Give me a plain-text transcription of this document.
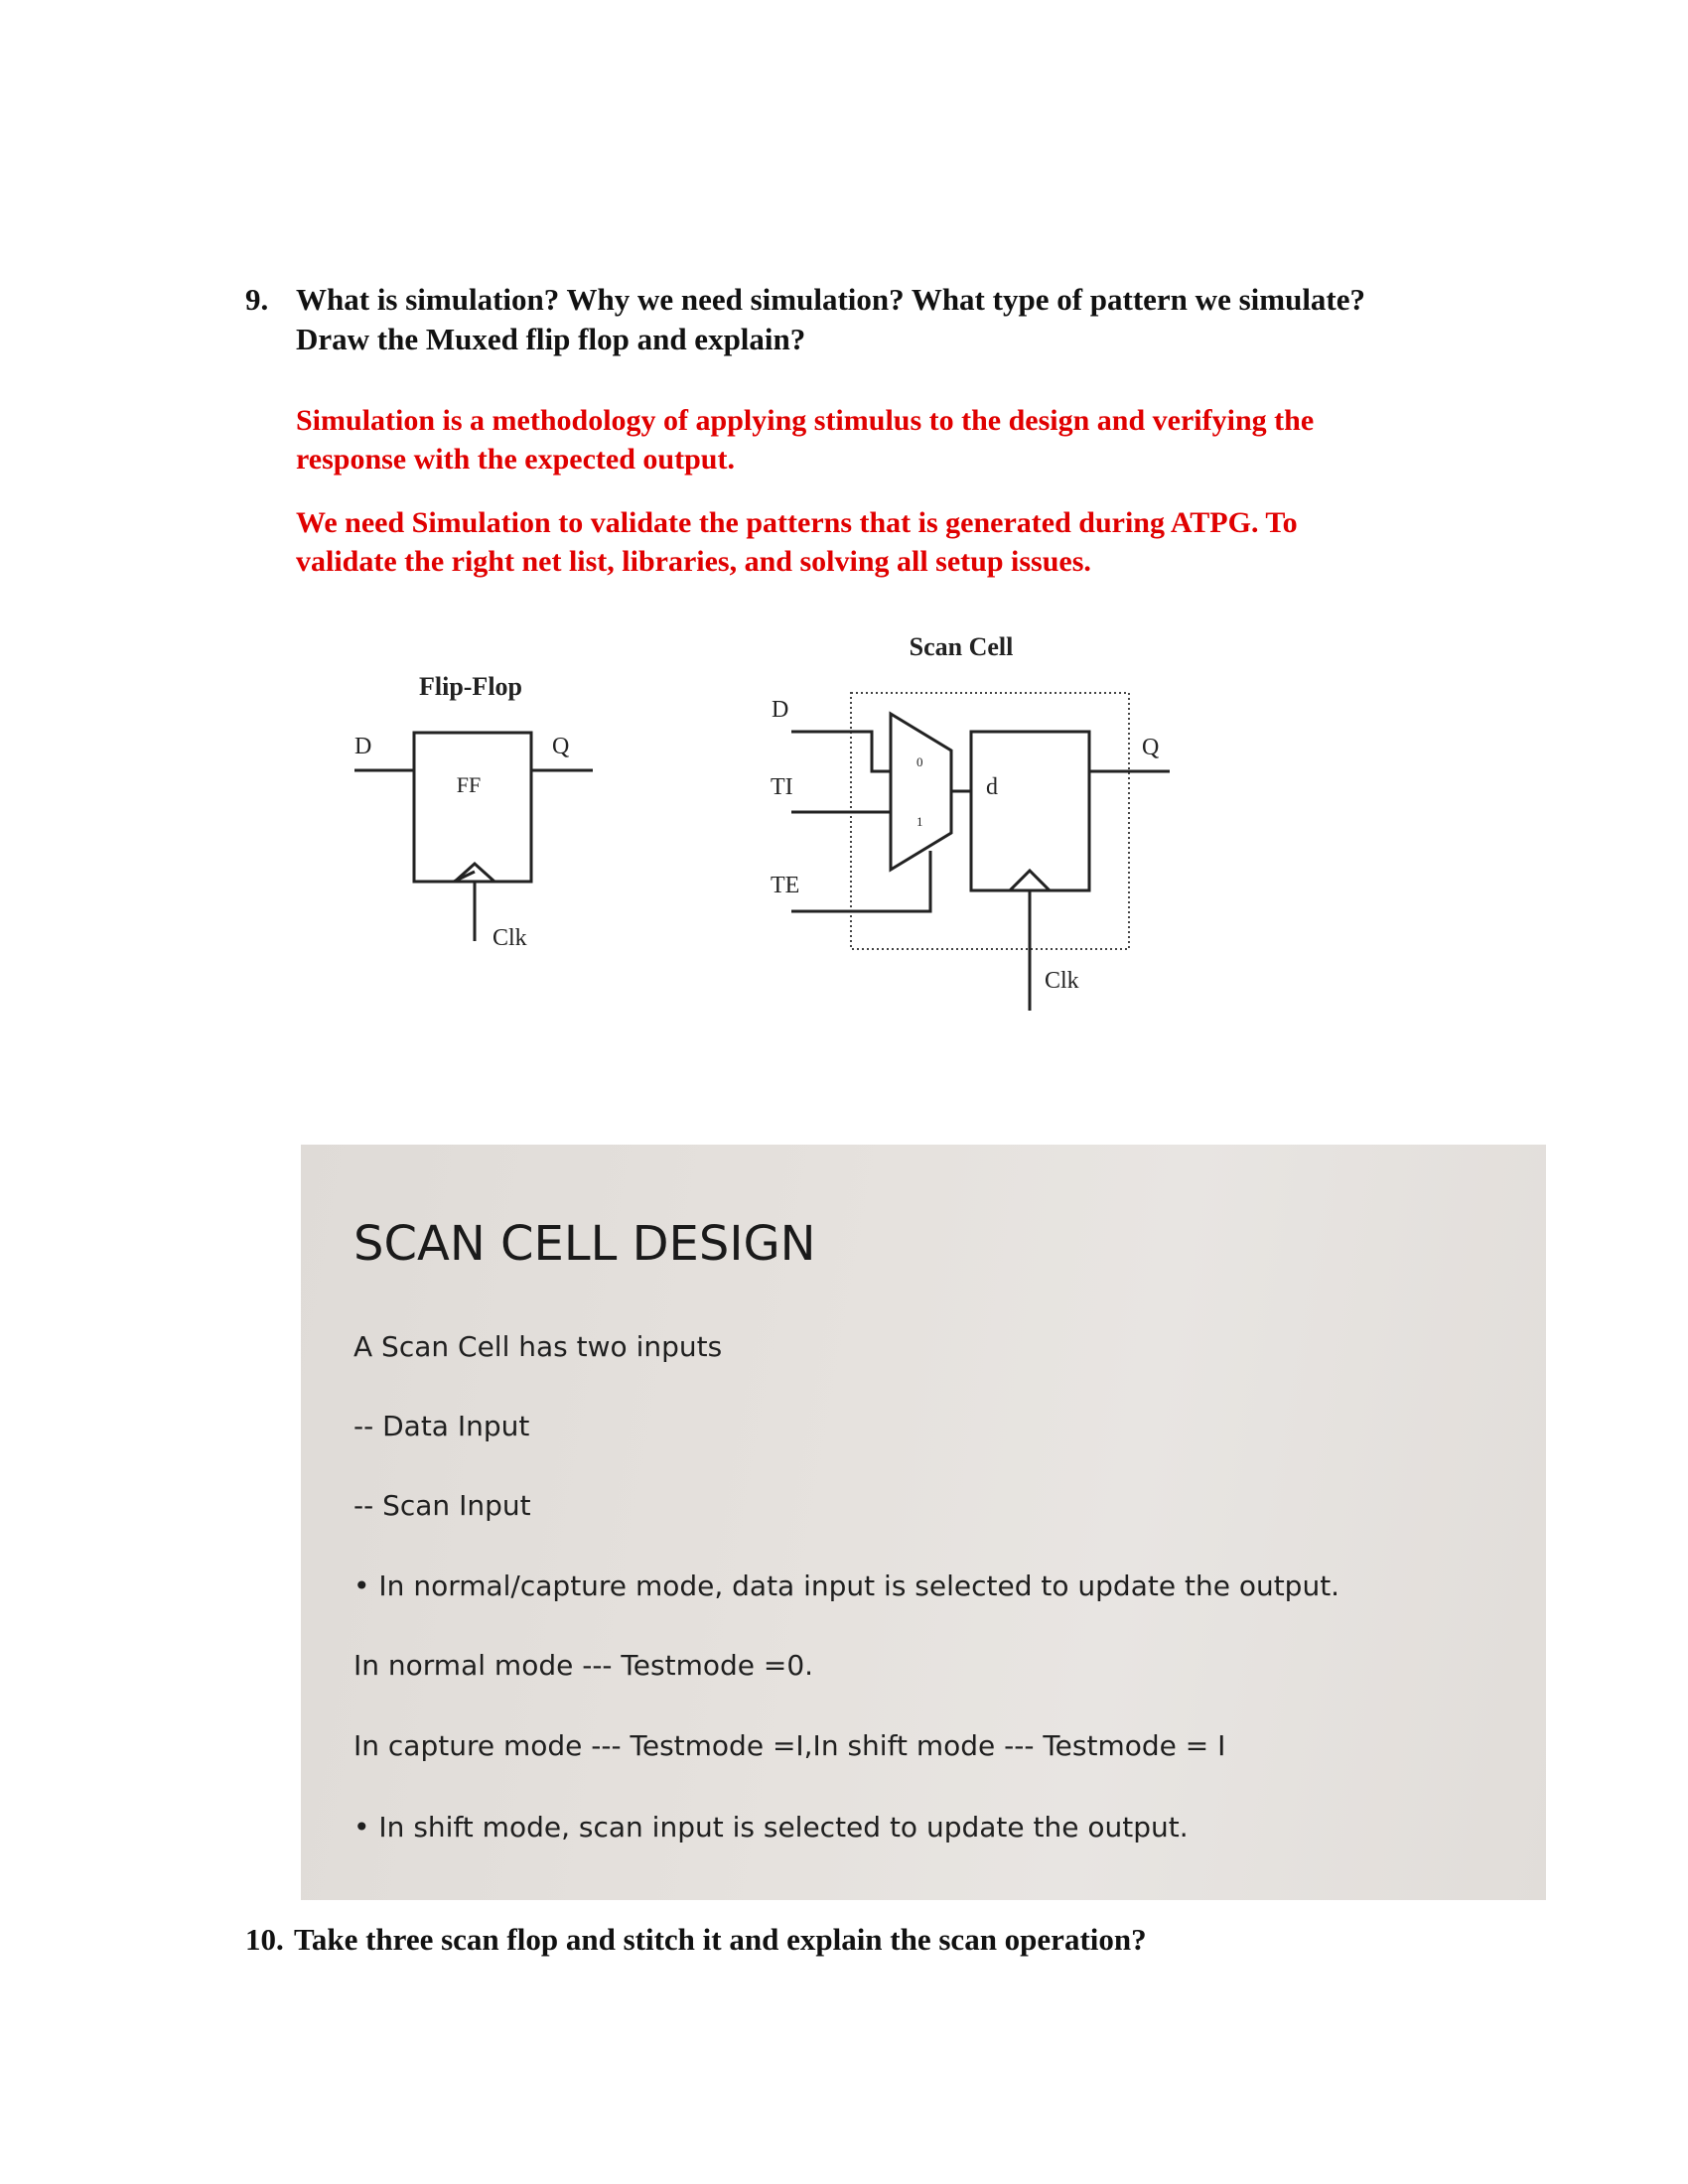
9. What is simulation? Why we need simulation? What type of pattern we simulate?
Draw the Muxed flip flop and explain?
Simulation is a methodology of applying stimulus to the design and verifying the
response with the expected output.
We need Simulation to validate the patterns that is generated during ATPG. To
validate the right net list, libraries, and solving all setup issues.
Flip-Flop
D	Q
FF
Clk
Scan Cell
D
TI
TE
0
1
d
Q
Clk
SCAN CELL DESIGN
A Scan Cell has two inputs
-- Data Input
-- Scan Input
• In normal/capture mode, data input is selected to update the output.
In normal mode --- Testmode =0.
In capture mode --- Testmode =I,In shift mode --- Testmode = I
• In shift mode, scan input is selected to update the output.
10. Take three scan flop and stitch it and explain the scan operation?
